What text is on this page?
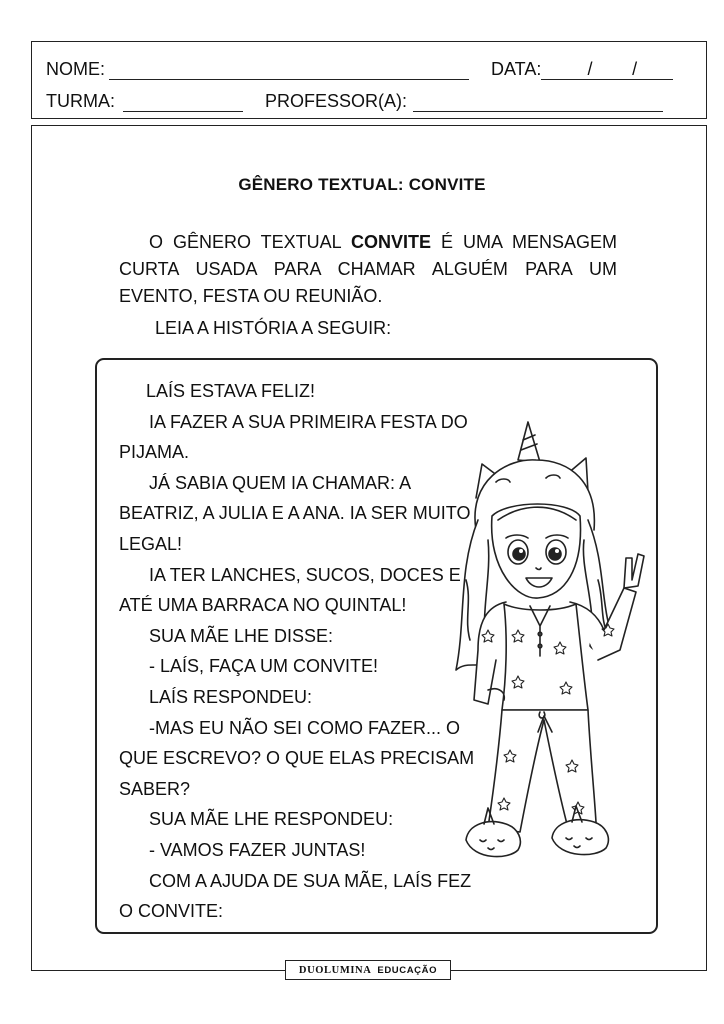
NOME:	DATA:	/ /
TURMA:	PROFESSOR(A):
GÊNERO TEXTUAL: CONVITE

O GÊNERO TEXTUAL CONVITE É UMA MENSAGEM CURTA USADA PARA CHAMAR ALGUÉM PARA UM EVENTO, FESTA OU REUNIÃO.

LEIA A HISTÓRIA A SEGUIR:

LAÍS ESTAVA FELIZ!

IA FAZER A SUA PRIMEIRA FESTA DO PIJAMA.

JÁ SABIA QUEM IA CHAMAR: A BEATRIZ, A JULIA E A ANA. IA SER MUITO LEGAL!

IA TER LANCHES, SUCOS, DOCES E ATÉ UMA BARRACA NO QUINTAL!

SUA MÃE LHE DISSE:

- LAÍS, FAÇA UM CONVITE!

LAÍS RESPONDEU:

-MAS EU NÃO SEI COMO FAZER... O QUE ESCREVO? O QUE ELAS PRECISAM SABER?

SUA MÃE LHE RESPONDEU:

- VAMOS FAZER JUNTAS!

COM A AJUDA DE SUA MÃE, LAÍS FEZ O CONVITE:

DUOLUMINA EDUCAÇÃO
